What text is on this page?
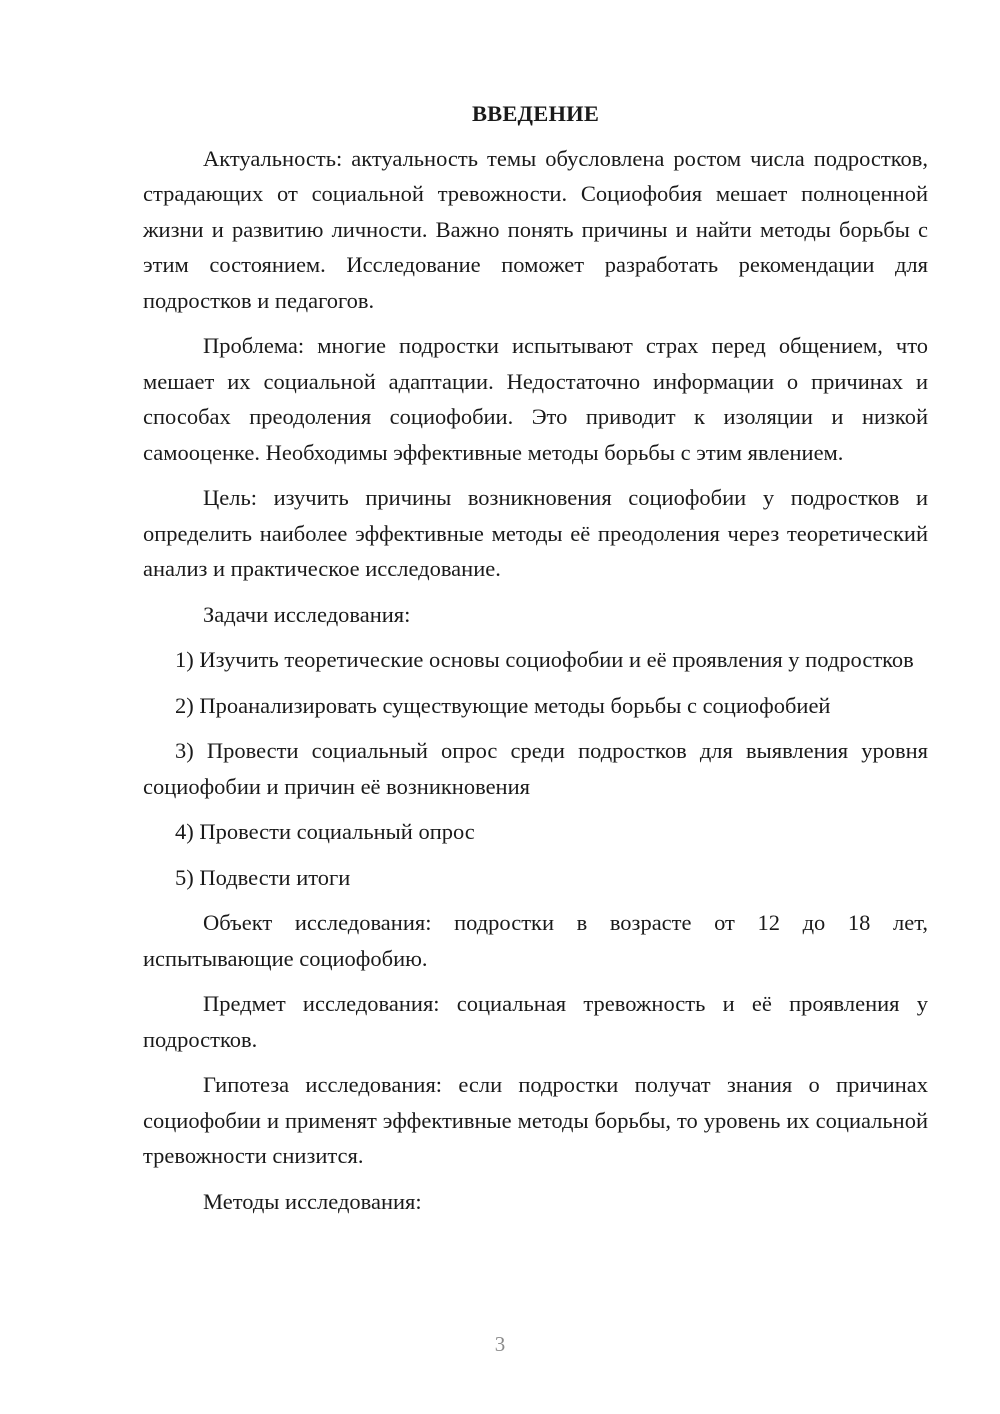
ВВЕДЕНИЕ

Актуальность: актуальность темы обусловлена ростом числа подростков, страдающих от социальной тревожности. Социофобия мешает полноценной жизни и развитию личности. Важно понять причины и найти методы борьбы с этим состоянием. Исследование поможет разработать рекомендации для подростков и педагогов.

Проблема: многие подростки испытывают страх перед общением, что мешает их социальной адаптации. Недостаточно информации о причинах и способах преодоления социофобии. Это приводит к изоляции и низкой самооценке. Необходимы эффективные методы борьбы с этим явлением.

Цель: изучить причины возникновения социофобии у подростков и определить наиболее эффективные методы её преодоления через теоретический анализ и практическое исследование.

Задачи исследования:

1) Изучить теоретические основы социофобии и её проявления у подростков

2) Проанализировать существующие методы борьбы с социофобией

3) Провести социальный опрос среди подростков для выявления уровня социофобии и причин её возникновения

4) Провести социальный опрос

5) Подвести итоги

Объект исследования: подростки в возрасте от 12 до 18 лет, испытывающие социофобию.

Предмет исследования: социальная тревожность и её проявления у подростков.

Гипотеза исследования: если подростки получат знания о причинах социофобии и применят эффективные методы борьбы, то уровень их социальной тревожности снизится.

Методы исследования:

3
